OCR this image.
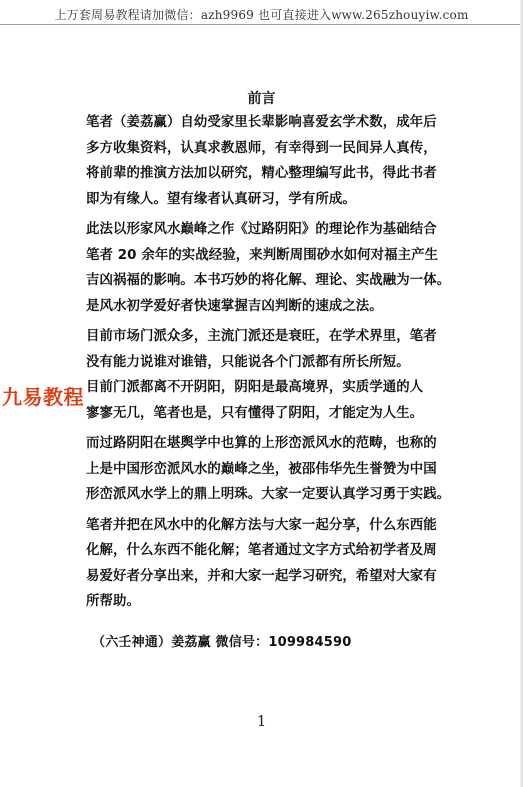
上万套周易教程请加微信：azh9969 也可直接进入www.265zhouyiw.com
前言
笔者（姜荔赢）自幼受家里长辈影响喜爱玄学术数，成年后
多方收集资料，认真求教恩师，有幸得到一民间异人真传，
将前辈的推演方法加以研究，精心整理编写此书，得此书者
即为有缘人。望有缘者认真研习，学有所成。
此法以形家风水巅峰之作《过路阴阳》的理论作为基础结合
笔者 20 余年的实战经验，来判断周围砂水如何对福主产生
吉凶祸福的影响。本书巧妙的将化解、理论、实战融为一体。
是风水初学爱好者快速掌握吉凶判断的速成之法。
目前市场门派众多，主流门派还是衰旺，在学术界里，笔者
没有能力说谁对谁错，只能说各个门派都有所长所短。
目前门派都离不开阴阳，阴阳是最高境界，实质学通的人
寥寥无几，笔者也是，只有懂得了阴阳，才能定为人生。
而过路阴阳在堪舆学中也算的上形峦派风水的范畴，也称的
上是中国形峦派风水的巅峰之坐，被邵伟华先生誉赞为中国
形峦派风水学上的鼎上明珠。大家一定要认真学习勇于实践。
笔者并把在风水中的化解方法与大家一起分享，什么东西能
化解，什么东西不能化解；笔者通过文字方式给初学者及周
易爱好者分享出来，并和大家一起学习研究，希望对大家有
所帮助。
（六壬神通）姜荔赢 微信号：109984590
1
九易教程
